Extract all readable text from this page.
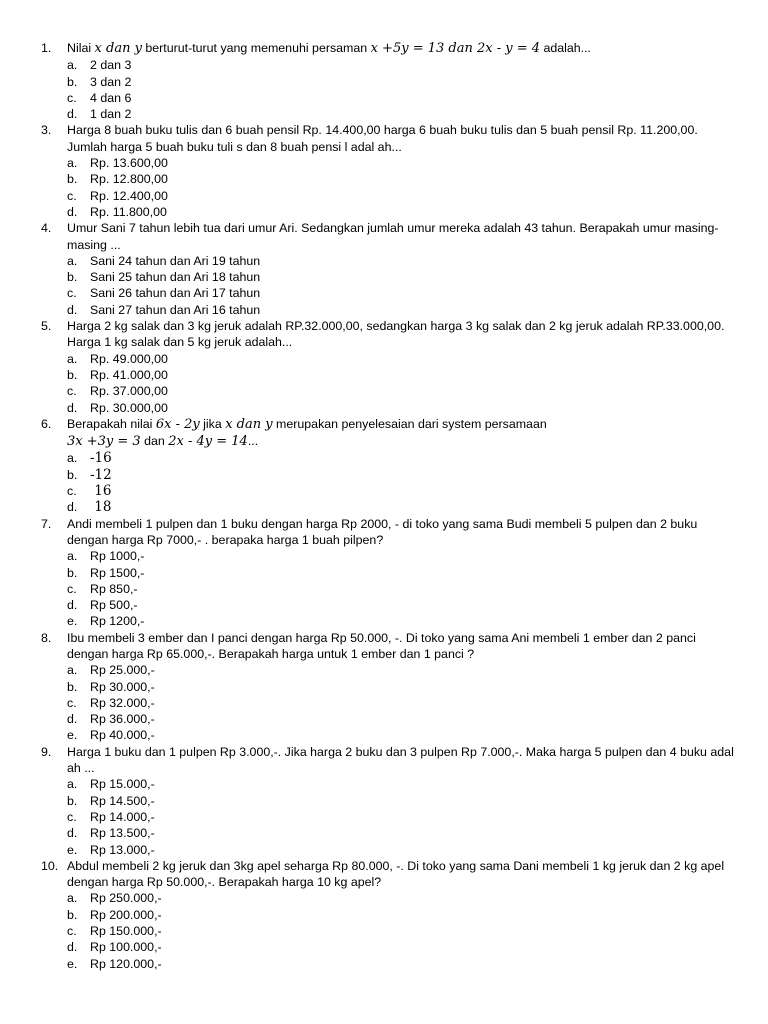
1. Nilai x dan y berturut-turut yang memenuhi persaman x +5y = 13 dan 2x - y = 4 adalah...
a. 2 dan 3
b. 3 dan 2
c. 4 dan 6
d. 1 dan 2
3. Harga 8 buah buku tulis dan 6 buah pensil Rp. 14.400,00 harga 6 buah buku tulis dan 5 buah pensil Rp. 11.200,00. Jumlah harga 5 buah buku tuli s dan 8 buah pensi l adal ah...
a. Rp. 13.600,00
b. Rp. 12.800,00
c. Rp. 12.400,00
d. Rp. 11.800,00
4. Umur Sani 7 tahun lebih tua dari umur Ari. Sedangkan jumlah umur mereka adalah 43 tahun. Berapakah umur masing-masing ...
a. Sani 24 tahun dan Ari 19 tahun
b. Sani 25 tahun dan Ari 18 tahun
c. Sani 26 tahun dan Ari 17 tahun
d. Sani 27 tahun dan Ari 16 tahun
5. Harga 2 kg salak dan 3 kg jeruk adalah RP.32.000,00, sedangkan harga 3 kg salak dan 2 kg jeruk adalah RP.33.000,00. Harga 1 kg salak dan 5 kg jeruk adalah...
a. Rp. 49.000,00
b. Rp. 41.000,00
c. Rp. 37.000,00
d. Rp. 30.000,00
6. Berapakah nilai 6x - 2y jika x dan y merupakan penyelesaian dari system persamaan
3x +3y = 3 dan 2x - 4y = 14...
a. -16
b. -12
c. 16
d. 18
7. Andi membeli 1 pulpen dan 1 buku dengan harga Rp 2000, - di toko yang sama Budi membeli 5 pulpen dan 2 buku dengan harga Rp 7000,- . berapaka harga 1 buah pilpen?
a. Rp 1000,-
b. Rp 1500,-
c. Rp 850,-
d. Rp 500,-
e. Rp 1200,-
8. Ibu membeli 3 ember dan I panci dengan harga Rp 50.000, -. Di toko yang sama Ani membeli 1 ember dan 2 panci dengan harga Rp 65.000,-. Berapakah harga untuk 1 ember dan 1 panci ?
a. Rp 25.000,-
b. Rp 30.000,-
c. Rp 32.000,-
d. Rp 36.000,-
e. Rp 40.000,-
9. Harga 1 buku dan 1 pulpen Rp 3.000,-. Jika harga 2 buku dan 3 pulpen Rp 7.000,-. Maka harga 5 pulpen dan 4 buku adal ah ...
a. Rp 15.000,-
b. Rp 14.500,-
c. Rp 14.000,-
d. Rp 13.500,-
e. Rp 13.000,-
10. Abdul membeli 2 kg jeruk dan 3kg apel seharga Rp 80.000, -. Di toko yang sama Dani membeli 1 kg jeruk dan 2 kg apel dengan harga Rp 50.000,-. Berapakah harga 10 kg apel?
a. Rp 250.000,-
b. Rp 200.000,-
c. Rp 150.000,-
d. Rp 100.000,-
e. Rp 120.000,-
